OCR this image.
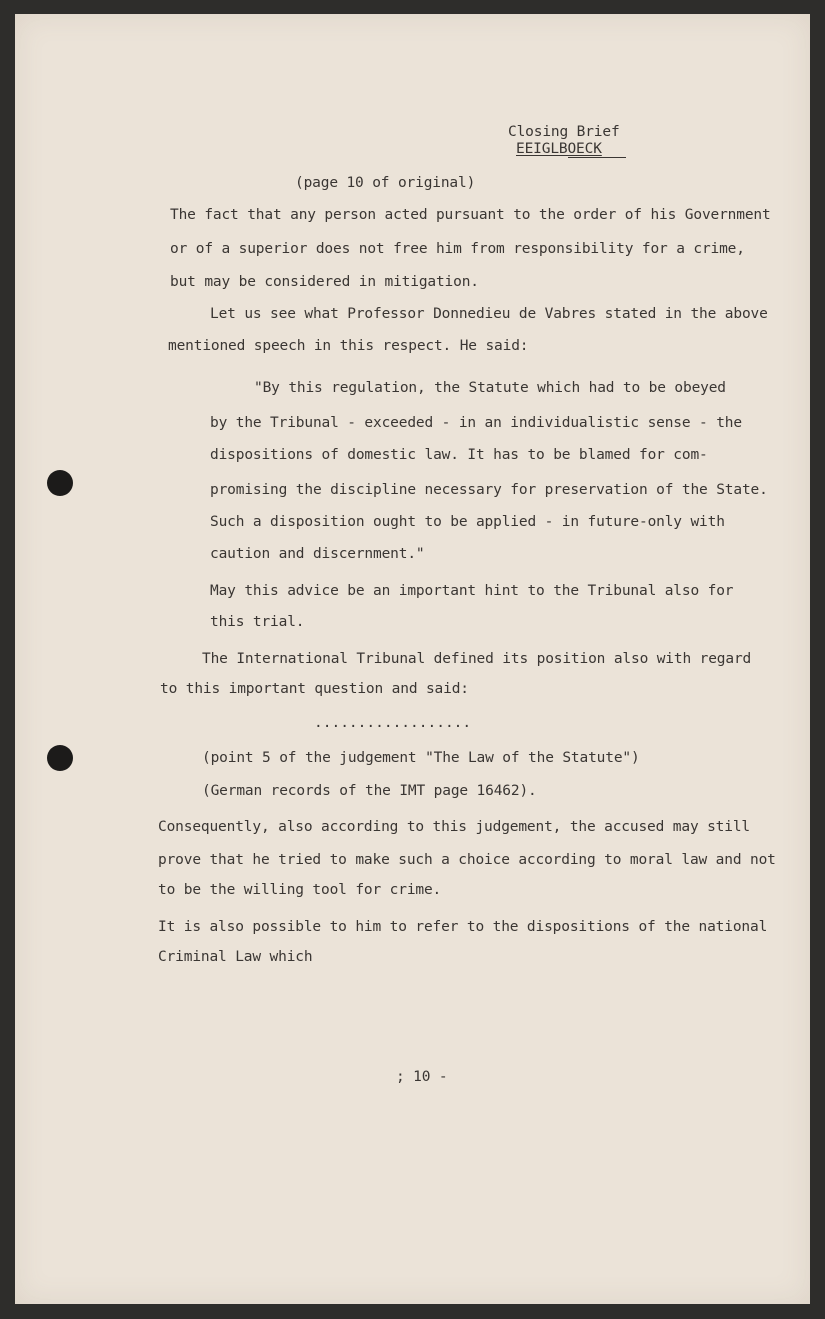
Closing Brief
EEIGLBOECK
(page 10 of original)
The fact that any person acted pursuant to the order of his Government
or of a superior does not free him from responsibility for a crime,
but may be considered in mitigation.
Let us see what Professor Donnedieu de Vabres stated in the above
mentioned speech in this respect. He said:
"By this regulation, the Statute which had to be obeyed
by the Tribunal - exceeded - in an individualistic sense - the
dispositions of domestic law. It has to be blamed for com-
promising the discipline necessary for preservation of the State.
Such a disposition ought to be applied - in future-only with
caution and discernment."
May this advice be an important hint to the Tribunal also for
this trial.
The International Tribunal defined its position also with regard
to this important question and said:
..................
(point 5 of the judgement "The Law of the Statute")
(German records of the IMT page 16462).
Consequently, also according to this judgement, the accused may still
prove that he tried to make such a choice according to moral law and not
to be the willing tool for crime.
It is also possible to him to refer to the dispositions of the national
Criminal Law which
; 10 -
